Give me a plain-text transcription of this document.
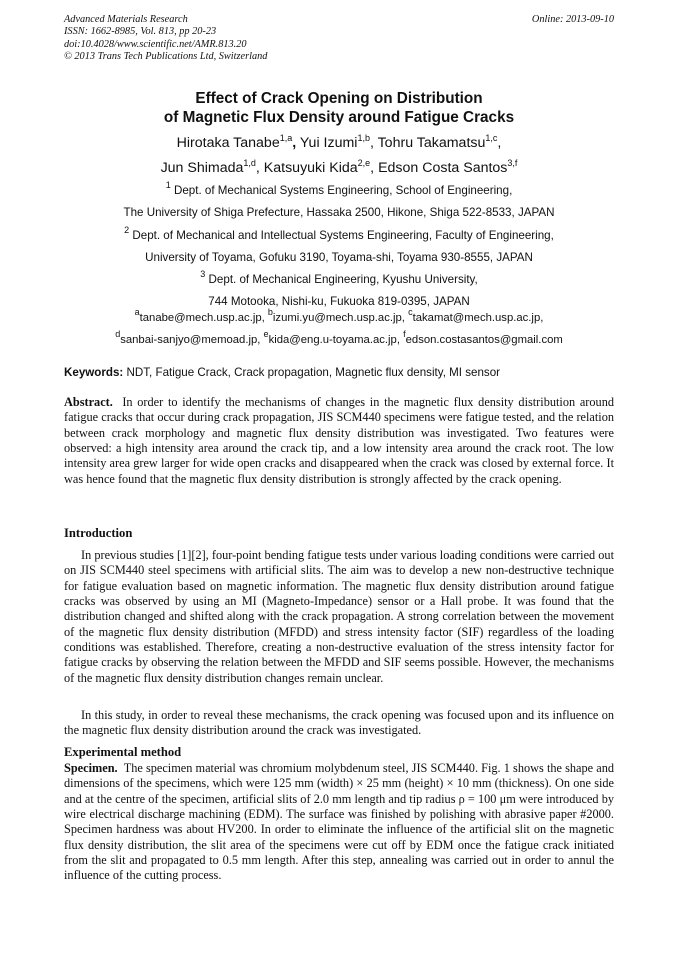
Advanced Materials Research
ISSN: 1662-8985, Vol. 813, pp 20-23
doi:10.4028/www.scientific.net/AMR.813.20
© 2013 Trans Tech Publications Ltd, Switzerland
Online: 2013-09-10
Effect of Crack Opening on Distribution
of Magnetic Flux Density around Fatigue Cracks
Hirotaka Tanabe$^{1,a}$, Yui Izumi$^{1,b}$, Tohru Takamatsu$^{1,c}$,
Jun Shimada$^{1,d}$, Katsuyuki Kida$^{2,e}$, Edson Costa Santos$^{3,f}$
$^1$ Dept. of Mechanical Systems Engineering, School of Engineering,
The University of Shiga Prefecture, Hassaka 2500, Hikone, Shiga 522-8533, JAPAN
$^2$ Dept. of Mechanical and Intellectual Systems Engineering, Faculty of Engineering,
University of Toyama, Gofuku 3190, Toyama-shi, Toyama 930-8555, JAPAN
$^3$ Dept. of Mechanical Engineering, Kyushu University,
744 Motooka, Nishi-ku, Fukuoka 819-0395, JAPAN
$^a$tanabe@mech.usp.ac.jp, $^b$izumi.yu@mech.usp.ac.jp, $^c$takamat@mech.usp.ac.jp,
$^d$sanbai-sanjyo@memoad.jp, $^e$kida@eng.u-toyama.ac.jp, $^f$edson.costasantos@gmail.com
Keywords: NDT, Fatigue Crack, Crack propagation, Magnetic flux density, MI sensor
Abstract. In order to identify the mechanisms of changes in the magnetic flux density distribution around fatigue cracks that occur during crack propagation, JIS SCM440 specimens were fatigue tested, and the relation between crack morphology and magnetic flux density distribution was investigated. Two features were observed: a high intensity area around the crack tip, and a low intensity area around the crack root. The low intensity area grew larger for wide open cracks and disappeared when the crack was closed by external force. It was hence found that the magnetic flux density distribution is strongly affected by the crack opening.
Introduction
In previous studies [1][2], four-point bending fatigue tests under various loading conditions were carried out on JIS SCM440 steel specimens with artificial slits. The aim was to develop a new non-destructive technique for fatigue evaluation based on magnetic information. The magnetic flux density distribution around fatigue cracks was observed by using an MI (Magneto-Impedance) sensor or a Hall probe. It was found that the distribution changed and shifted along with the crack propagation. A strong correlation between the movement of the magnetic flux density distribution (MFDD) and stress intensity factor (SIF) regardless of the loading conditions was established. Therefore, creating a non-destructive evaluation of the stress intensity factor for fatigue cracks by observing the relation between the MFDD and SIF seems possible. However, the mechanisms of the magnetic flux density distribution changes remain unclear.
In this study, in order to reveal these mechanisms, the crack opening was focused upon and its influence on the magnetic flux density distribution around the crack was investigated.
Experimental method
Specimen. The specimen material was chromium molybdenum steel, JIS SCM440. Fig. 1 shows the shape and dimensions of the specimens, which were 125 mm (width) × 25 mm (height) × 10 mm (thickness). On one side and at the centre of the specimen, artificial slits of 2.0 mm length and tip radius ρ = 100 μm were introduced by wire electrical discharge machining (EDM). The surface was finished by polishing with abrasive paper #2000. Specimen hardness was about HV200. In order to eliminate the influence of the artificial slit on the magnetic flux density distribution, the slit area of the specimens were cut off by EDM once the fatigue crack initiated from the slit and propagated to 0.5 mm length. After this step, annealing was carried out in order to annul the influence of the cutting process.
